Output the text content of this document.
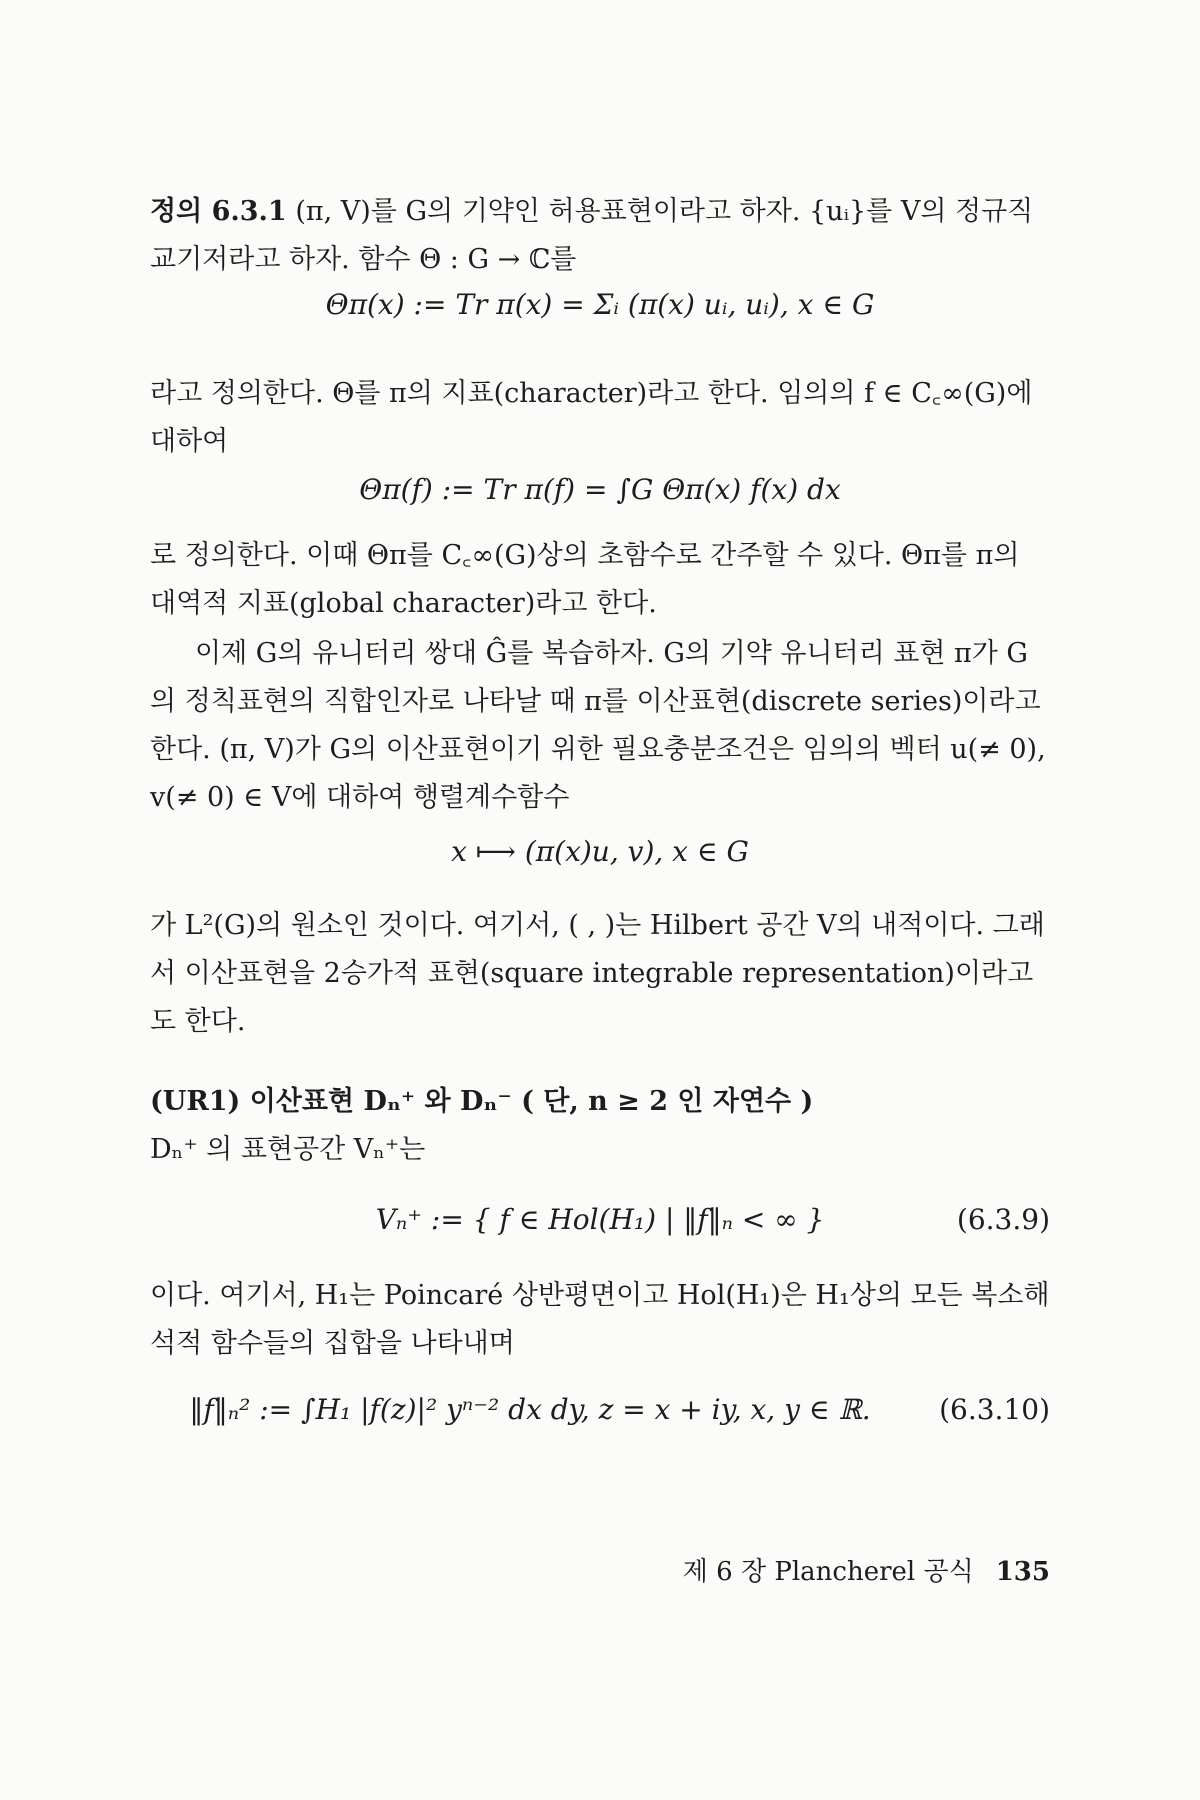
정의 6.3.1 (π, V)를 G의 기약인 허용표현이라고 하자. {uᵢ}를 V의 정규직교기저라고 하자. 함수 Θ : G → ℂ를

Θπ(x) := Tr π(x) = Σᵢ (π(x) uᵢ, uᵢ), x ∈ G

라고 정의한다. Θ를 π의 지표(character)라고 한다. 임의의 f ∈ C꜀∞(G)에 대하여

Θπ(f) := Tr π(f) = ∫G Θπ(x) f(x) dx

로 정의한다. 이때 Θπ를 C꜀∞(G)상의 초함수로 간주할 수 있다. Θπ를 π의 대역적 지표(global character)라고 한다.

이제 G의 유니터리 쌍대 Ĝ를 복습하자. G의 기약 유니터리 표현 π가 G의 정칙표현의 직합인자로 나타날 때 π를 이산표현(discrete series)이라고 한다. (π, V)가 G의 이산표현이기 위한 필요충분조건은 임의의 벡터 u(≠ 0), v(≠ 0) ∈ V에 대하여 행렬계수함수

x ⟼ (π(x)u, v), x ∈ G

가 L²(G)의 원소인 것이다. 여기서, ( , )는 Hilbert 공간 V의 내적이다. 그래서 이산표현을 2승가적 표현(square integrable representation)이라고도 한다.

(UR1) 이산표현 Dₙ⁺ 와 Dₙ⁻ ( 단, n ≥ 2 인 자연수 )

Dₙ⁺ 의 표현공간 Vₙ⁺는

Vₙ⁺ := { f ∈ Hol(H₁) | ‖f‖ₙ < ∞ }	(6.3.9)

이다. 여기서, H₁는 Poincaré 상반평면이고 Hol(H₁)은 H₁상의 모든 복소해석적 함수들의 집합을 나타내며

‖f‖ₙ² := ∫H₁ |f(z)|² yⁿ⁻² dx dy, z = x + iy, x, y ∈ ℝ. (6.3.10)
제 6 장 Plancherel 공식 135
